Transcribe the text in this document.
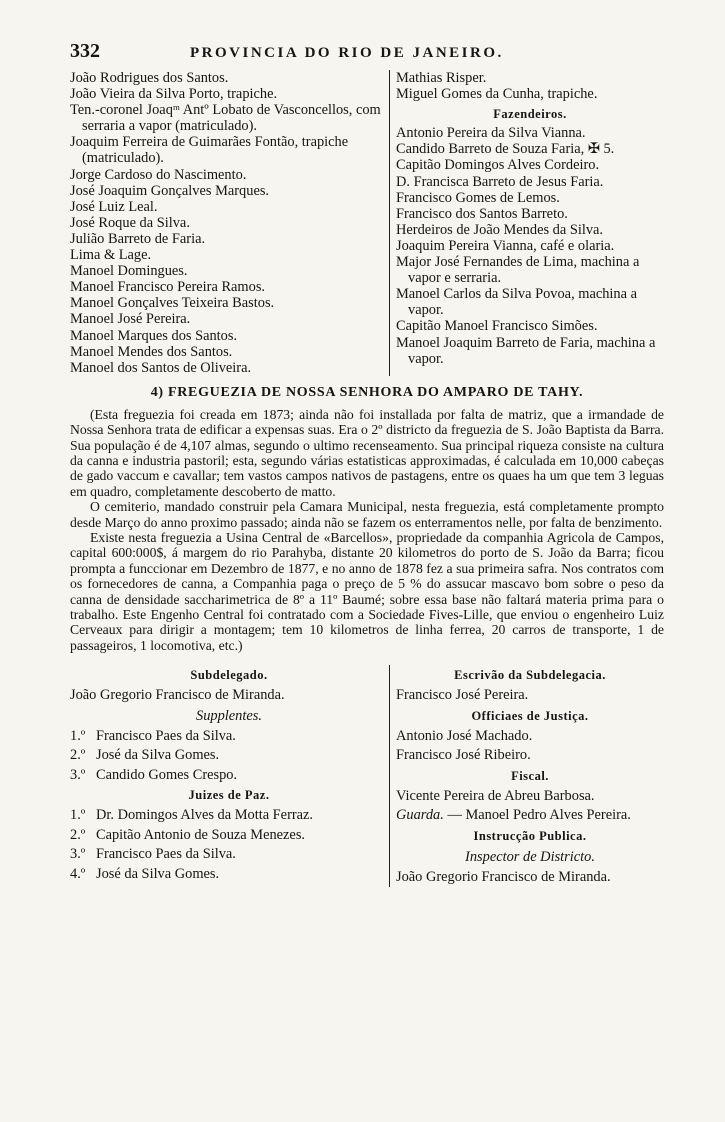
332	PROVINCIA DO RIO DE JANEIRO.
João Rodrigues dos Santos.
João Vieira da Silva Porto, trapiche.
Ten.-coronel Joaqᵐ Antº Lobato de Vasconcellos, com serraria a vapor (matriculado).
Joaquim Ferreira de Guimarães Fontão, trapiche (matriculado).
Jorge Cardoso do Nascimento.
José Joaquim Gonçalves Marques.
José Luiz Leal.
José Roque da Silva.
Julião Barreto de Faria.
Lima & Lage.
Manoel Domingues.
Manoel Francisco Pereira Ramos.
Manoel Gonçalves Teixeira Bastos.
Manoel José Pereira.
Manoel Marques dos Santos.
Manoel Mendes dos Santos.
Manoel dos Santos de Oliveira.
Mathias Risper.
Miguel Gomes da Cunha, trapiche.
Fazendeiros.
Antonio Pereira da Silva Vianna.
Candido Barreto de Souza Faria, ✠ 5.
Capitão Domingos Alves Cordeiro.
D. Francisca Barreto de Jesus Faria.
Francisco Gomes de Lemos.
Francisco dos Santos Barreto.
Herdeiros de João Mendes da Silva.
Joaquim Pereira Vianna, café e olaria.
Major José Fernandes de Lima, machina a vapor e serraria.
Manoel Carlos da Silva Povoa, machina a vapor.
Capitão Manoel Francisco Simões.
Manoel Joaquim Barreto de Faria, machina a vapor.
4) FREGUEZIA DE NOSSA SENHORA DO AMPARO DE TAHY.

(Esta freguezia foi creada em 1873; ainda não foi installada por falta de matriz, que a irmandade de Nossa Senhora trata de edificar a expensas suas. Era o 2º districto da freguezia de S. João Baptista da Barra. Sua população é de 4,107 almas, segundo o ultimo recenseamento. Sua principal riqueza consiste na cultura da canna e industria pastoril; esta, segundo várias estatisticas approximadas, é calculada em 10,000 cabeças de gado vaccum e cavallar; tem vastos campos nativos de pastagens, entre os quaes ha um que tem 3 leguas em quadro, completamente descoberto de matto.

O cemiterio, mandado construir pela Camara Municipal, nesta freguezia, está completamente prompto desde Março do anno proximo passado; ainda não se fazem os enterramentos nelle, por falta de benzimento.

Existe nesta freguezia a Usina Central de «Barcellos», propriedade da companhia Agricola de Campos, capital 600:000$, á margem do rio Parahyba, distante 20 kilometros do porto de S. João da Barra; ficou prompta a funccionar em Dezembro de 1877, e no anno de 1878 fez a sua primeira safra. Nos contratos com os fornecedores de canna, a Companhia paga o preço de 5 % do assucar mascavo bom sobre o peso da canna de densidade saccharimetrica de 8º a 11º Baumé; sobre essa base não faltará materia prima para o trabalho. Este Engenho Central foi contratado com a Sociedade Fives-Lille, que enviou o engenheiro Luiz Cerveaux para dirigir a montagem; tem 10 kilometros de linha ferrea, 20 carros de transporte, 1 de passageiros, 1 locomotiva, etc.)

Subdelegado.
João Gregorio Francisco de Miranda.
Supplentes.
1.º Francisco Paes da Silva.
2.º José da Silva Gomes.
3.º Candido Gomes Crespo.
Juizes de Paz.
1.º Dr. Domingos Alves da Motta Ferraz.
2.º Capitão Antonio de Souza Menezes.
3.º Francisco Paes da Silva.
4.º José da Silva Gomes.
Escrivão da Subdelegacia.
Francisco José Pereira.
Officiaes de Justiça.
Antonio José Machado.
Francisco José Ribeiro.
Fiscal.
Vicente Pereira de Abreu Barbosa.
Guarda. — Manoel Pedro Alves Pereira.
Instrucção Publica.
Inspector de Districto.
João Gregorio Francisco de Miranda.
